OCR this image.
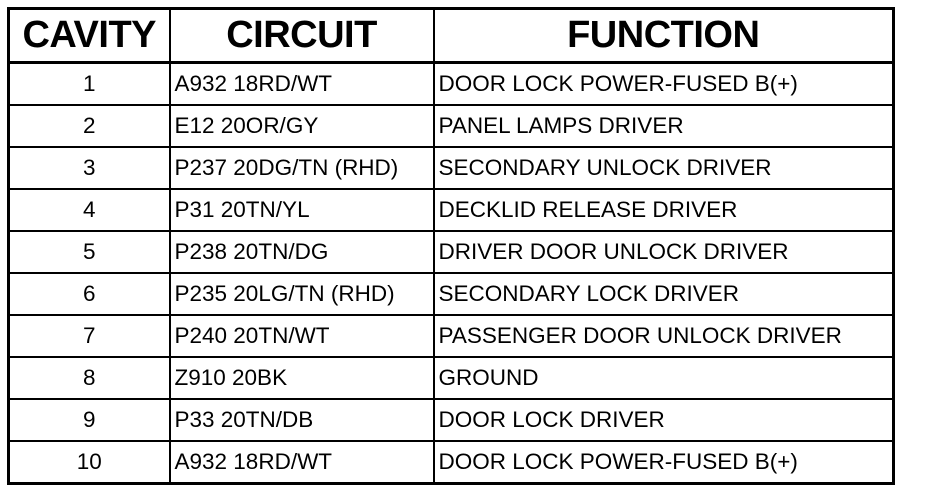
CAVITY	CIRCUIT	FUNCTION
1	A932 18RD/WT	DOOR LOCK POWER-FUSED B(+)
2	E12 20OR/GY	PANEL LAMPS DRIVER
3	P237 20DG/TN (RHD)	SECONDARY UNLOCK DRIVER
4	P31 20TN/YL	DECKLID RELEASE DRIVER
5	P238 20TN/DG	DRIVER DOOR UNLOCK DRIVER
6	P235 20LG/TN (RHD)	SECONDARY LOCK DRIVER
7	P240 20TN/WT	PASSENGER DOOR UNLOCK DRIVER
8	Z910 20BK	GROUND
9	P33 20TN/DB	DOOR LOCK DRIVER
10	A932 18RD/WT	DOOR LOCK POWER-FUSED B(+)
